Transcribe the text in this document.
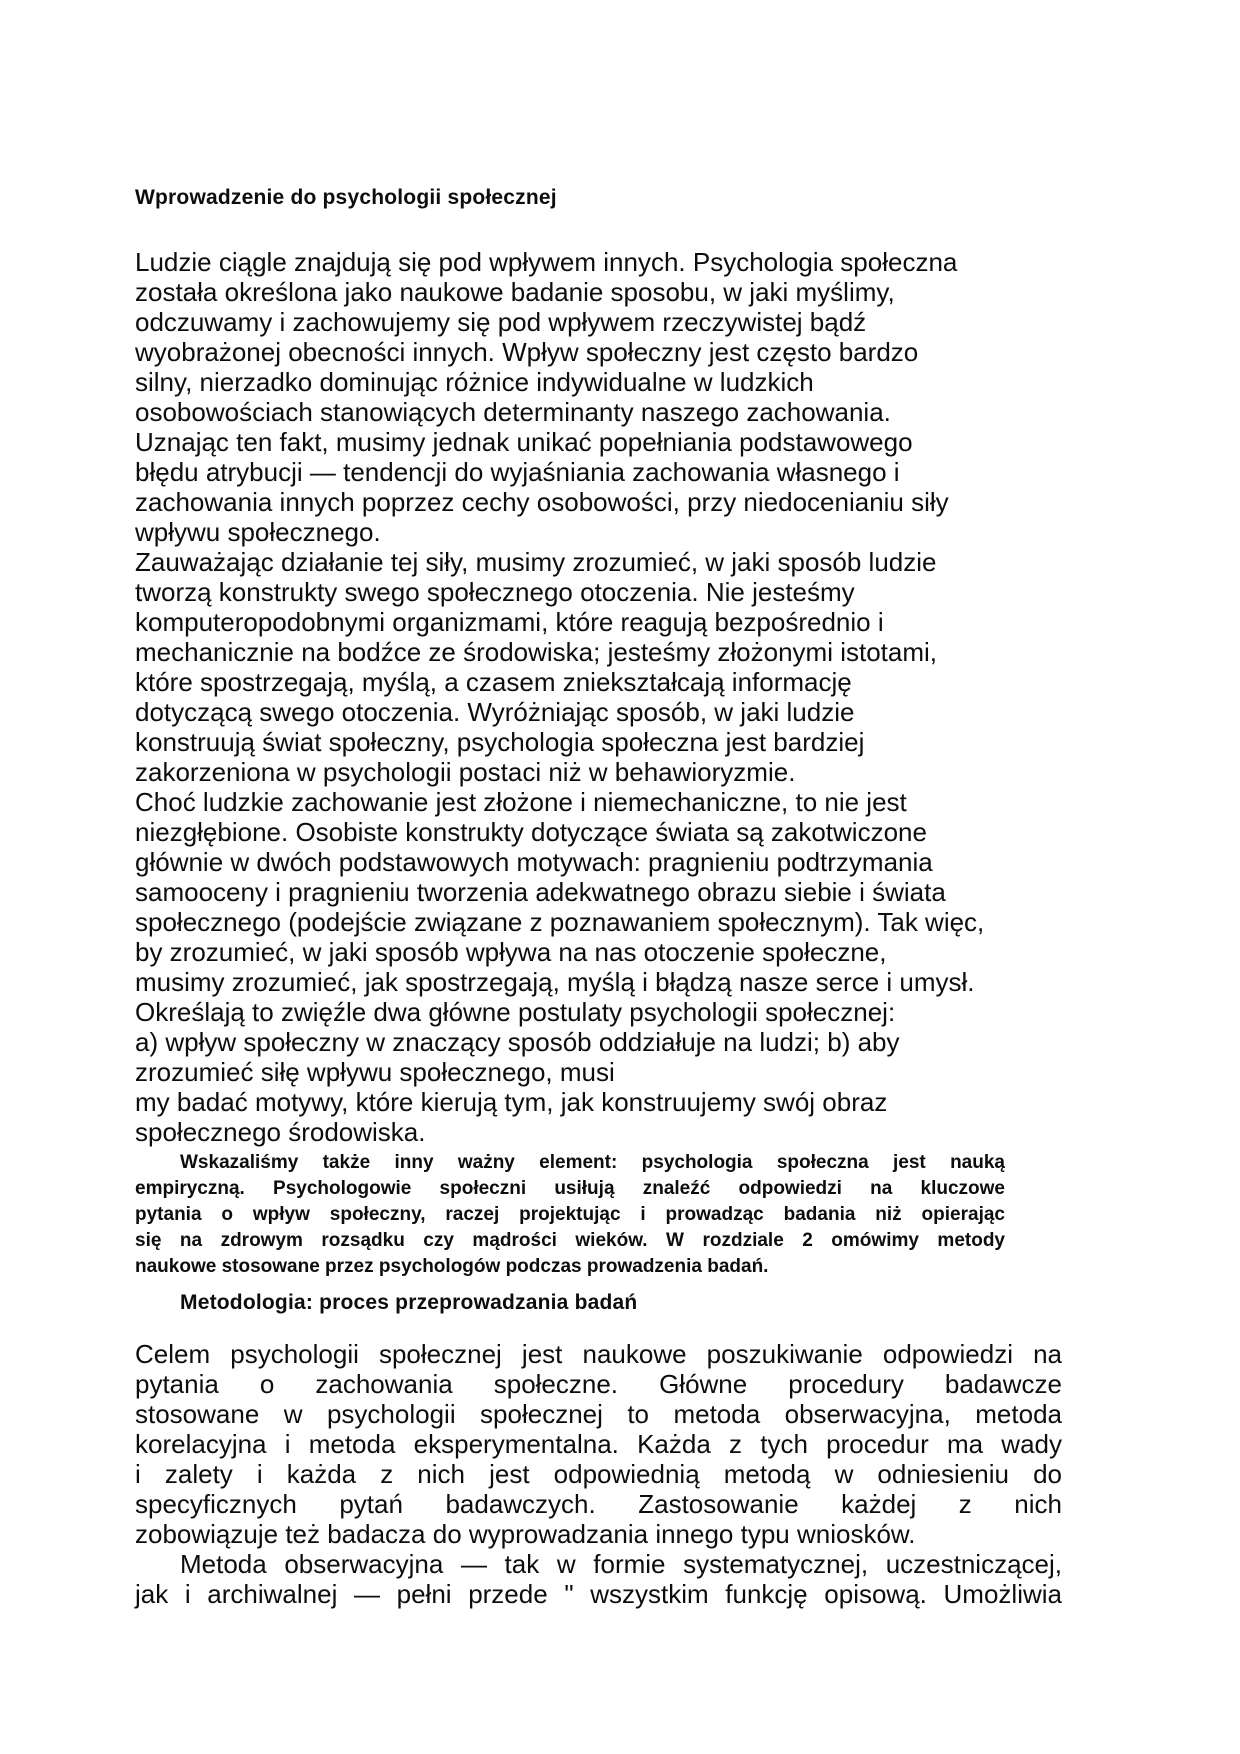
Wprowadzenie do psychologii społecznej
Ludzie ciągle znajdują się pod wpływem innych. Psychologia społeczna
została określona jako naukowe badanie sposobu, w jaki myślimy,
odczuwamy i zachowujemy się pod wpływem rzeczywistej bądź
wyobrażonej obecności innych. Wpływ społeczny jest często bardzo
silny, nierzadko dominując różnice indywidualne w ludzkich
osobowościach stanowiących determinanty naszego zachowania.
Uznając ten fakt, musimy jednak unikać popełniania podstawowego
błędu atrybucji — tendencji do wyjaśniania zachowania własnego i
zachowania innych poprzez cechy osobowości, przy niedocenianiu siły
wpływu społecznego.
Zauważając działanie tej siły, musimy zrozumieć, w jaki sposób ludzie
tworzą konstrukty swego społecznego otoczenia. Nie jesteśmy
komputeropodobnymi organizmami, które reagują bezpośrednio i
mechanicznie na bodźce ze środowiska; jesteśmy złożonymi istotami,
które spostrzegają, myślą, a czasem zniekształcają informację
dotyczącą swego otoczenia. Wyróżniając sposób, w jaki ludzie
konstruują świat społeczny, psychologia społeczna jest bardziej
zakorzeniona w psychologii postaci niż w behawioryzmie.
Choć ludzkie zachowanie jest złożone i niemechaniczne, to nie jest
niezgłębione. Osobiste konstrukty dotyczące świata są zakotwiczone
głównie w dwóch podstawowych motywach: pragnieniu podtrzymania
samooceny i pragnieniu tworzenia adekwatnego obrazu siebie i świata
społecznego (podejście związane z poznawaniem społecznym). Tak więc,
by zrozumieć, w jaki sposób wpływa na nas otoczenie społeczne,
musimy zrozumieć, jak spostrzegają, myślą i błądzą nasze serce i umysł.
Określają to zwięźle dwa główne postulaty psychologii społecznej:
a) wpływ społeczny w znaczący sposób oddziałuje na ludzi; b) aby
zrozumieć siłę wpływu społecznego, musi
my badać motywy, które kierują tym, jak konstruujemy swój obraz
społecznego środowiska.
Wskazaliśmy także inny ważny element: psychologia społeczna jest nauką
empiryczną. Psychologowie społeczni usiłują znaleźć odpowiedzi na kluczowe
pytania o wpływ społeczny, raczej projektując i prowadząc badania niż opierając
się na zdrowym rozsądku czy mądrości wieków. W rozdziale 2 omówimy metody
naukowe stosowane przez psychologów podczas prowadzenia badań.
Metodologia: proces przeprowadzania badań
Celem psychologii społecznej jest naukowe poszukiwanie odpowiedzi na
pytania o zachowania społeczne. Główne procedury badawcze
stosowane w psychologii społecznej to metoda obserwacyjna, metoda
korelacyjna i metoda eksperymentalna. Każda z tych procedur ma wady
i zalety i każda z nich jest odpowiednią metodą w odniesieniu do
specyficznych pytań badawczych. Zastosowanie każdej z nich
zobowiązuje też badacza do wyprowadzania innego typu wniosków.
Metoda obserwacyjna — tak w formie systematycznej, uczestniczącej,
jak i archiwalnej — pełni przede " wszystkim funkcję opisową. Umożliwia
